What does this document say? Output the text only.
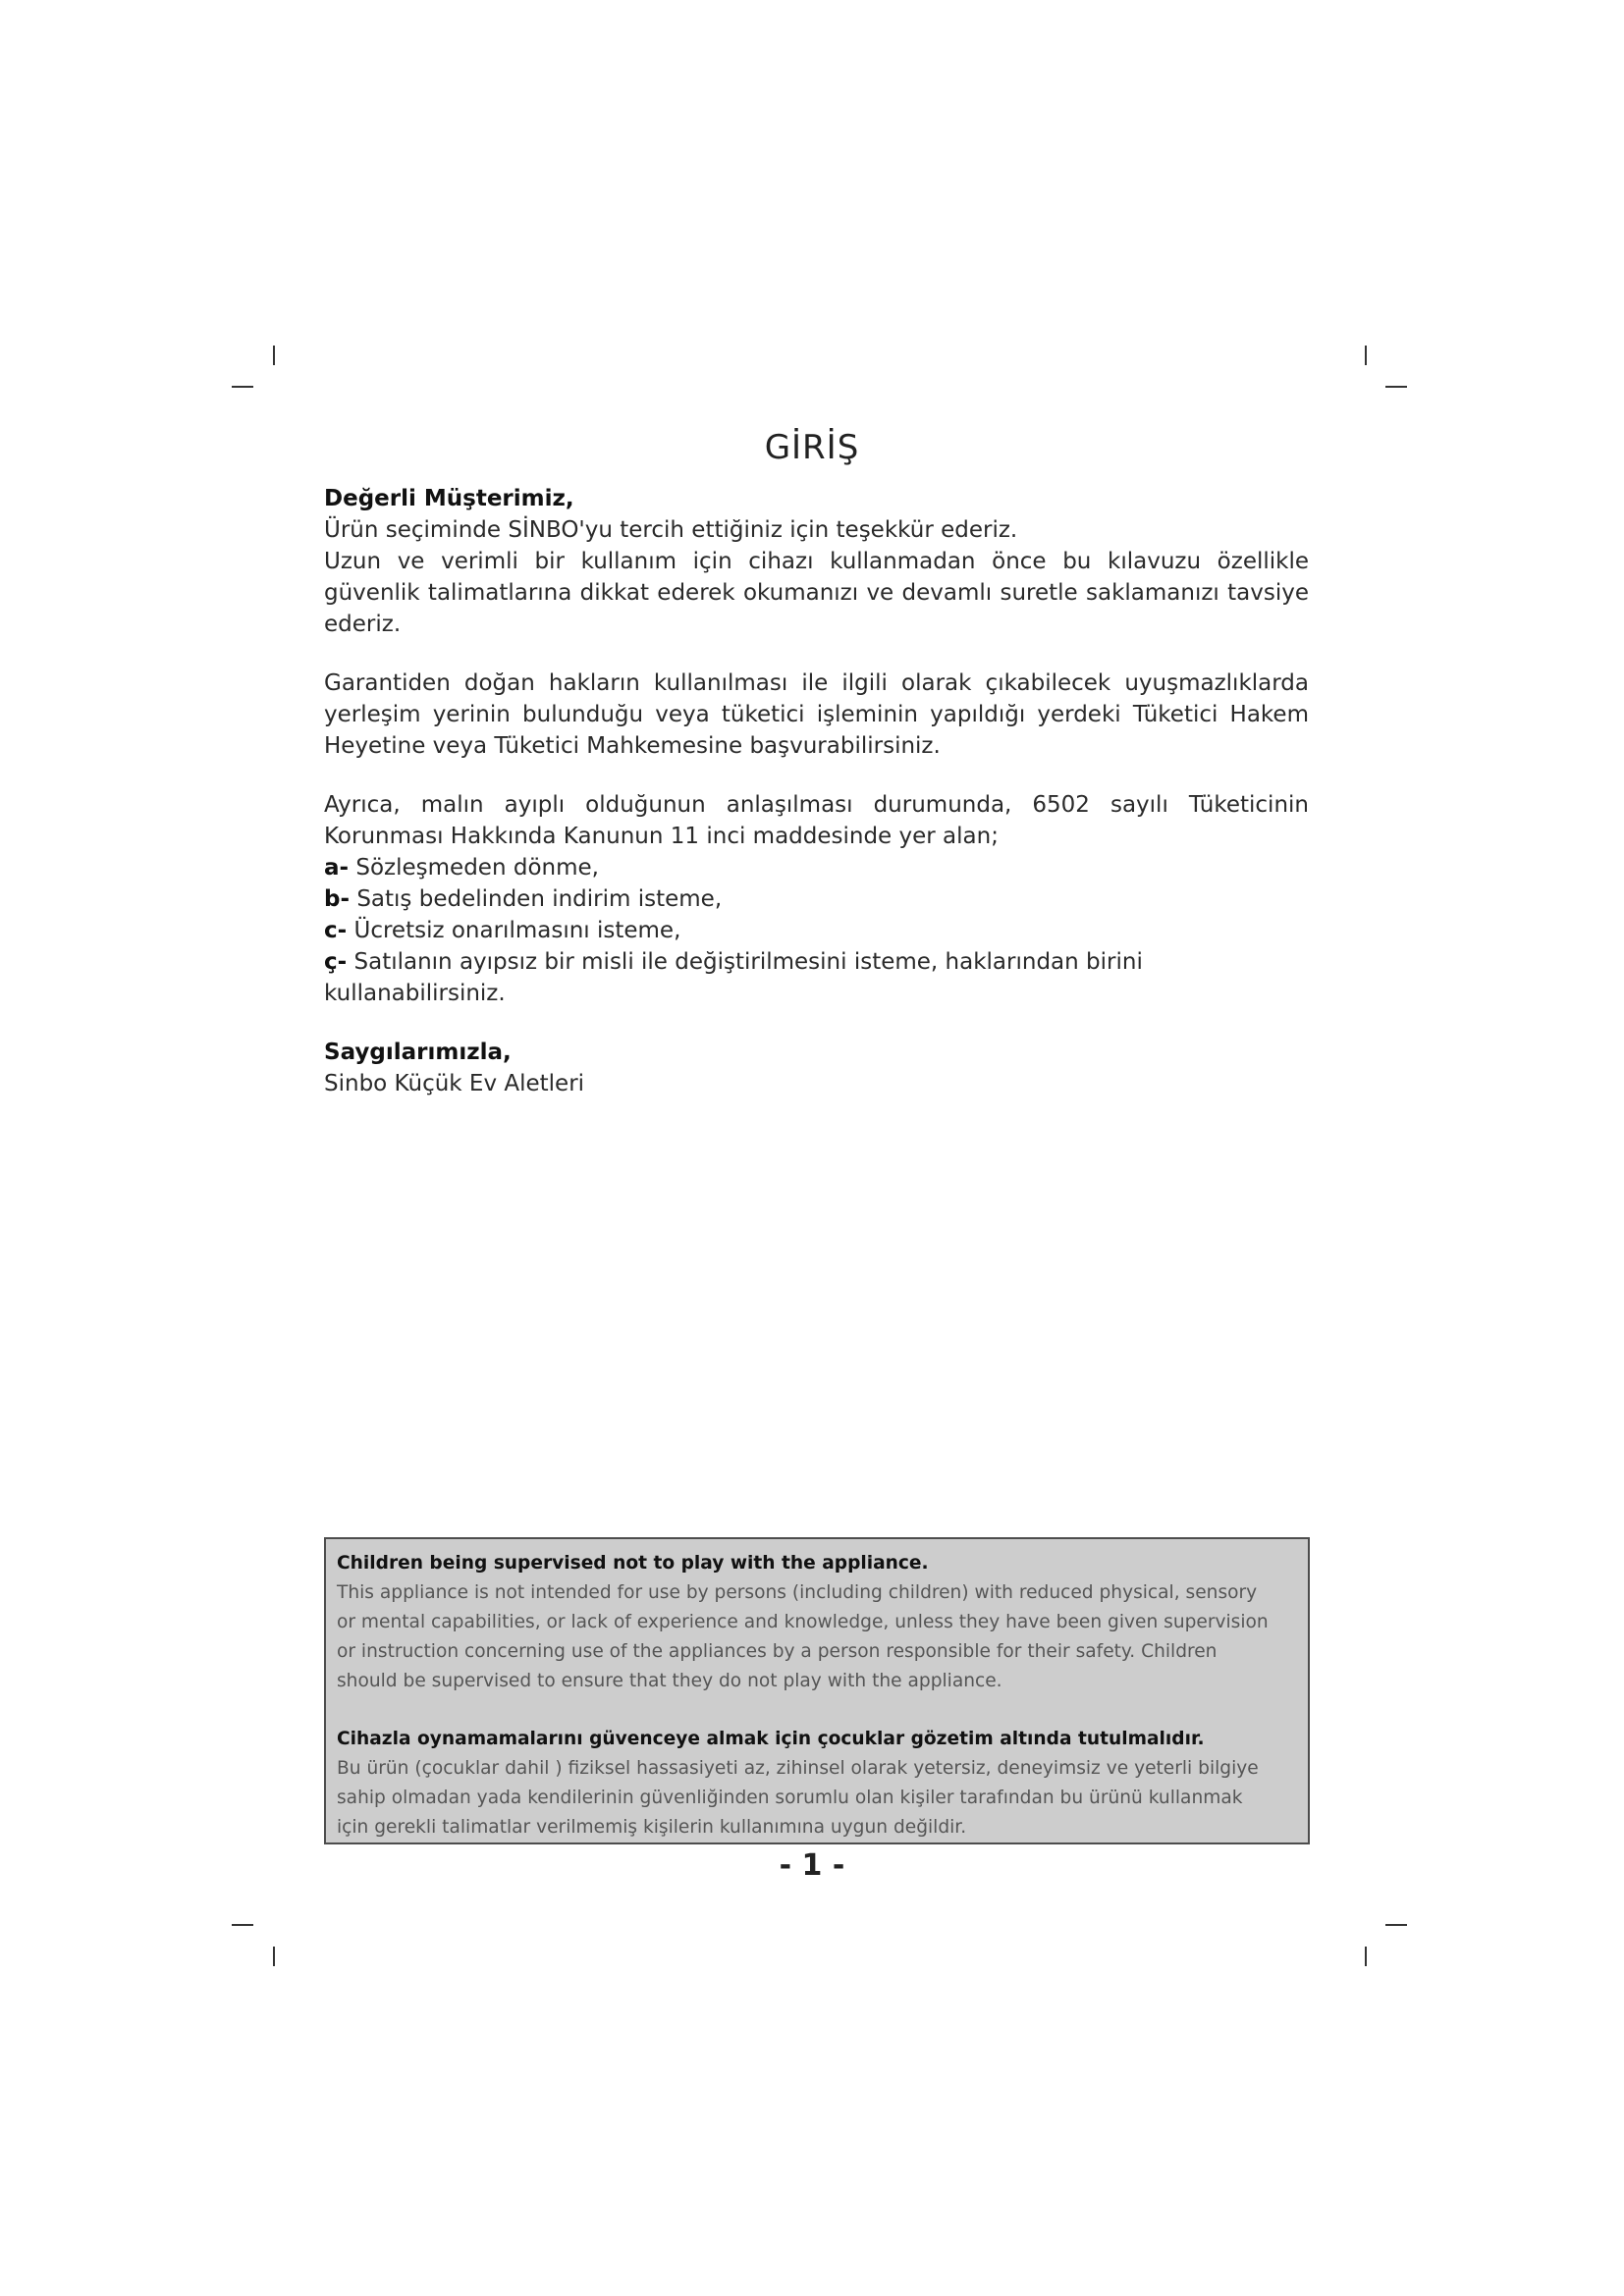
GİRİŞ

Değerli Müşterimiz,

Ürün seçiminde SİNBO'yu tercih ettiğiniz için teşekkür ederiz.

Uzun ve verimli bir kullanım için cihazı kullanmadan önce bu kılavuzu özellikle güvenlik talimatlarına dikkat ederek okumanızı ve devamlı suretle saklamanızı tavsiye ederiz.

Garantiden doğan hakların kullanılması ile ilgili olarak çıkabilecek uyuşmazlıklarda yerleşim yerinin bulunduğu veya tüketici işleminin yapıldığı yerdeki Tüketici Hakem Heyetine veya Tüketici Mahkemesine başvurabilirsiniz.

Ayrıca, malın ayıplı olduğunun anlaşılması durumunda, 6502 sayılı Tüketicinin Korunması Hakkında Kanunun 11 inci maddesinde yer alan;

a- Sözleşmeden dönme,

b- Satış bedelinden indirim isteme,

c- Ücretsiz onarılmasını isteme,

ç- Satılanın ayıpsız bir misli ile değiştirilmesini isteme, haklarından birini kullanabilirsiniz.

Saygılarımızla,

Sinbo Küçük Ev Aletleri

Children being supervised not to play with the appliance.

This appliance is not intended for use by persons (including children) with reduced physical, sensory

or mental capabilities, or lack of experience and knowledge, unless they have been given supervision

or instruction concerning use of the appliances by a person responsible for their safety. Children

should be supervised to ensure that they do not play with the appliance.

Cihazla oynamamalarını güvenceye almak için çocuklar gözetim altında tutulmalıdır.

Bu ürün (çocuklar dahil ) fiziksel hassasiyeti az, zihinsel olarak yetersiz, deneyimsiz ve yeterli bilgiye

sahip olmadan yada kendilerinin güvenliğinden sorumlu olan kişiler tarafından bu ürünü kullanmak

için gerekli talimatlar verilmemiş kişilerin kullanımına uygun değildir.

- 1 -
